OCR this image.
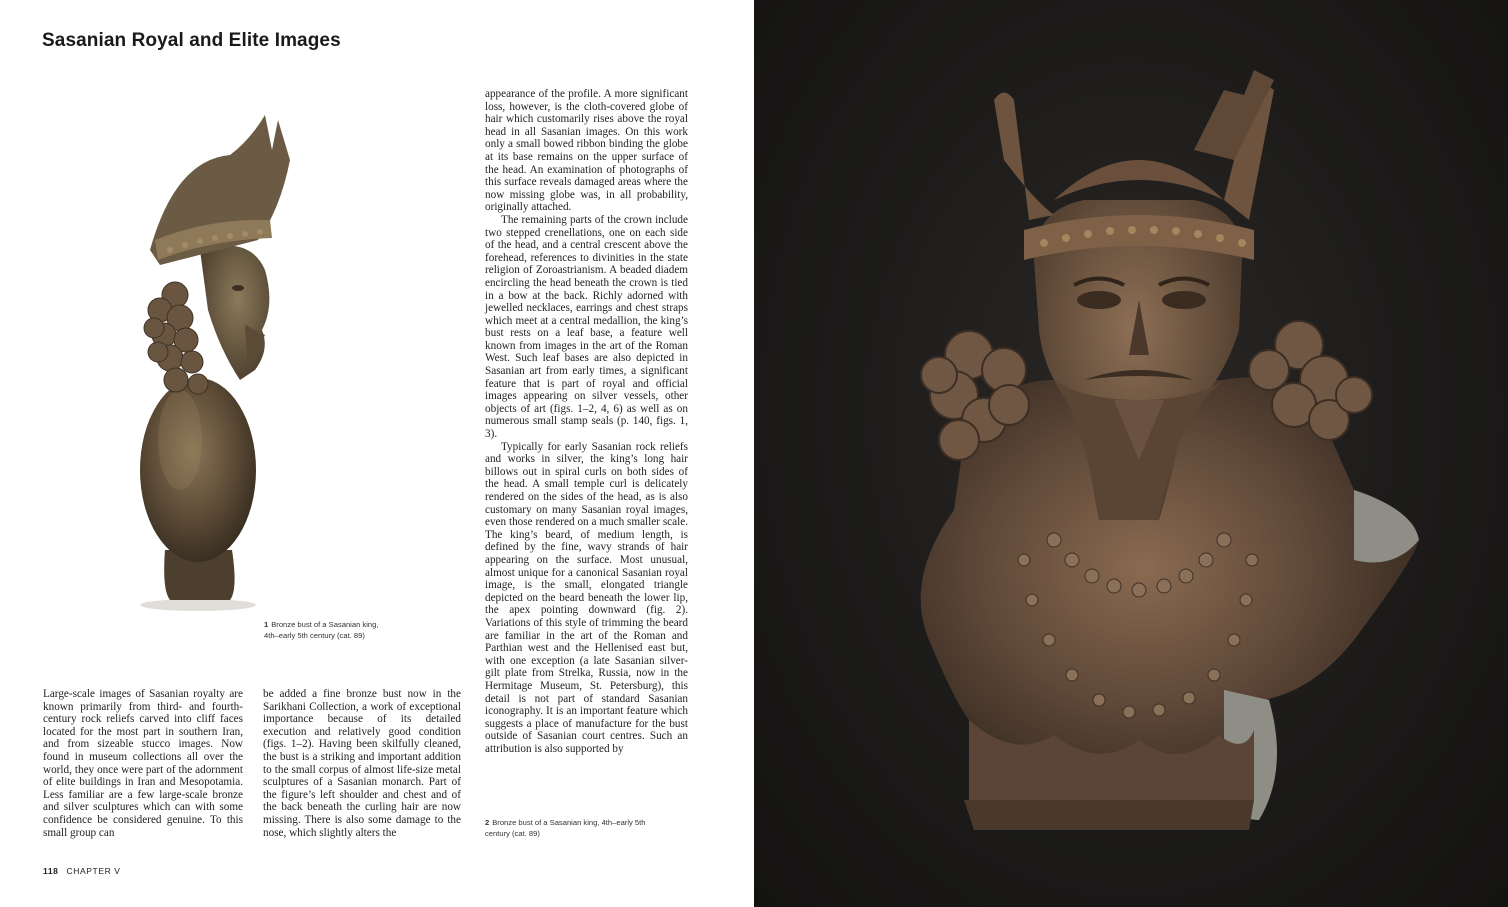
Sasanian Royal and Elite Images
1 Bronze bust of a Sasanian king,
4th–early 5th century (cat. 89)

Large-scale images of Sasanian royalty are known primarily from third- and fourth-century rock reliefs carved into cliff faces located for the most part in southern Iran, and from sizeable stucco images. Now found in museum collections all over the world, they once were part of the adornment of elite buildings in Iran and Mesopotamia. Less familiar are a few large-scale bronze and silver sculptures which can with some confidence be considered genuine. To this small group can

be added a fine bronze bust now in the Sarikhani Collection, a work of exceptional importance because of its detailed execution and relatively good condition (figs. 1–2). Having been skilfully cleaned, the bust is a striking and important addition to the small corpus of almost life-size metal sculptures of a Sasanian monarch. Part of the figure’s left shoulder and chest and of the back beneath the curling hair are now missing. There is also some damage to the nose, which slightly alters the

appearance of the profile. A more significant loss, however, is the cloth-covered globe of hair which customarily rises above the royal head in all Sasanian images. On this work only a small bowed ribbon binding the globe at its base remains on the upper surface of the head. An examination of photographs of this surface reveals damaged areas where the now missing globe was, in all probability, originally attached.

The remaining parts of the crown include two stepped crenellations, one on each side of the head, and a central crescent above the forehead, references to divinities in the state religion of Zoroastrianism. A beaded diadem encircling the head beneath the crown is tied in a bow at the back. Richly adorned with jewelled necklaces, earrings and chest straps which meet at a central medallion, the king’s bust rests on a leaf base, a feature well known from images in the art of the Roman West. Such leaf bases are also depicted in Sasanian art from early times, a significant feature that is part of royal and official images appearing on silver vessels, other objects of art (figs. 1–2, 4, 6) as well as on numerous small stamp seals (p. 140, figs. 1, 3).

Typically for early Sasanian rock reliefs and works in silver, the king’s long hair billows out in spiral curls on both sides of the head. A small temple curl is delicately rendered on the sides of the head, as is also customary on many Sasanian royal images, even those rendered on a much smaller scale. The king’s beard, of medium length, is defined by the fine, wavy strands of hair appearing on the surface. Most unusual, almost unique for a canonical Sasanian royal image, is the small, elongated triangle depicted on the beard beneath the lower lip, the apex pointing downward (fig. 2). Variations of this style of trimming the beard are familiar in the art of the Roman and Parthian west and the Hellenised east but, with one exception (a late Sasanian silver-gilt plate from Strelka, Russia, now in the Hermitage Museum, St. Petersburg), this detail is not part of standard Sasanian iconography. It is an important feature which suggests a place of manufacture for the bust outside of Sasanian court centres. Such an attribution is also supported by

2 Bronze bust of a Sasanian king, 4th–early 5th
century (cat. 89)
118 CHAPTER V
